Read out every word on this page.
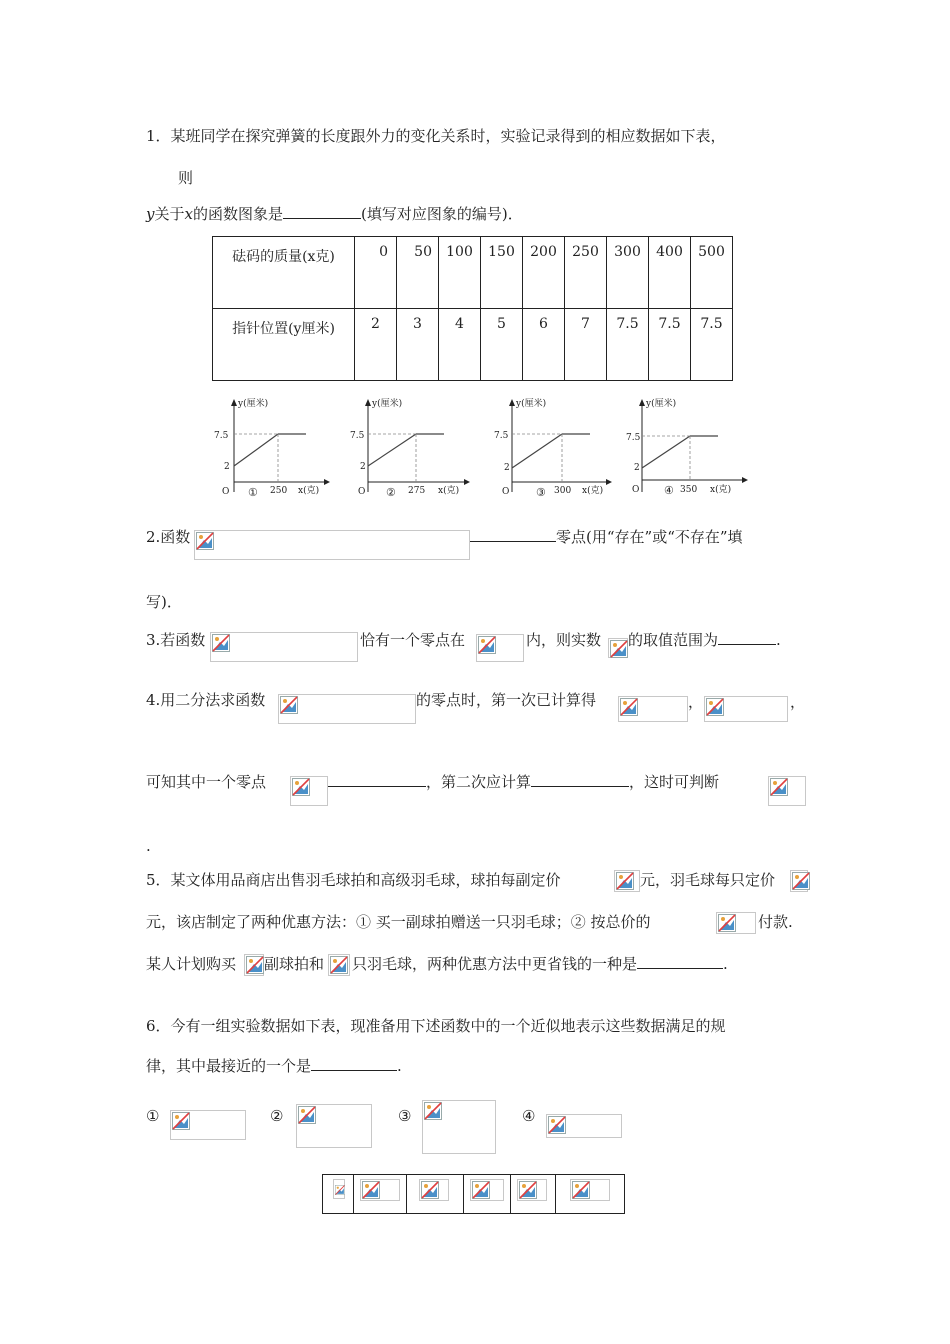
1．某班同学在探究弹簧的长度跟外力的变化关系时，实验记录得到的相应数据如下表，
则
y关于x的函数图象是	(填写对应图象的编号)．
砝码的质量(x克)	0	50	100	150	200	250	300	400	500
指针位置(y厘米)	2	3	4	5	6	7	7.5	7.5	7.5
y(厘米)
7.5
2
O ① 250 x(克)
y(厘米)
7.5
2
O ② 275 x(克)
y(厘米)
7.5
2
O ③ 300 x(克)
y(厘米)
7.5
2
O ④ 350 x(克)
2.函数	零点(用“存在”或“不存在”填
写)．
3.若函数	恰有一个零点在	内，则实数 的取值范围为	.
4.用二分法求函数	的零点时，第一次已计算得	，	，
可知其中一个零点	，第二次应计算	，这时可判断
.
5．某文体用品商店出售羽毛球拍和高级羽毛球，球拍每副定价	元，羽毛球每只定价
元，该店制定了两种优惠方法：① 买一副球拍赠送一只羽毛球；② 按总价的	付款.
某人计划购买 副球拍和 只羽毛球，两种优惠方法中更省钱的一种是	.
6．今有一组实验数据如下表，现准备用下述函数中的一个近似地表示这些数据满足的规
律，其中最接近的一个是	.
①	②	③	④
